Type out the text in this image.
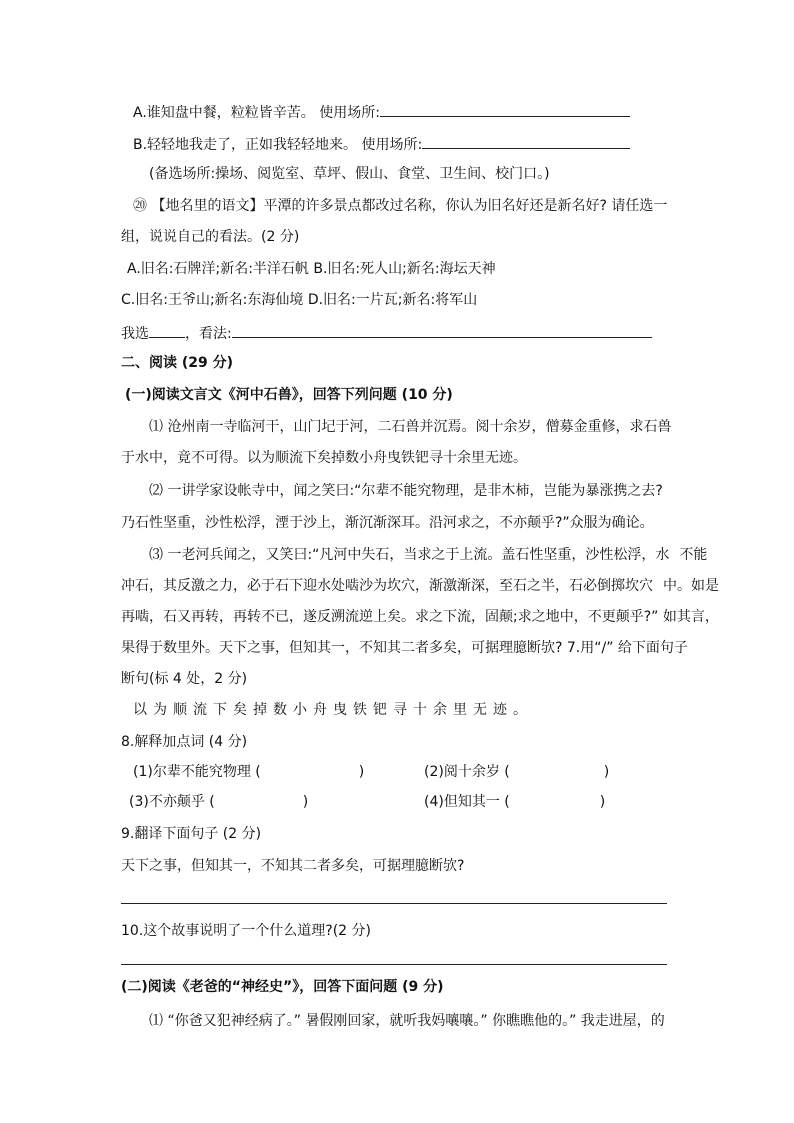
A.谁知盘中餐，粒粒皆辛苦。 使用场所:
B.轻轻地我走了，正如我轻轻地来。 使用场所:
(备选场所:操场、阅览室、草坪、假山、食堂、卫生间、校门口。)
⑳ 【地名里的语文】平潭的许多景点都改过名称，你认为旧名好还是新名好? 请任选一
组，说说自己的看法。(2 分)
A.旧名:石牌洋;新名:半洋石帆 B.旧名:死人山;新名:海坛天神
C.旧名:王爷山;新名:东海仙境 D.旧名:一片瓦;新名:将军山
我选	，看法:
二、阅读 (29 分)
(一)阅读文言文《河中石兽》，回答下列问题 (10 分)
⑴ 沧州南一寺临河干，山门圮于河，二石兽并沉焉。阅十余岁，僧募金重修，求石兽
于水中，竟不可得。以为顺流下矣掉数小舟曳铁钯寻十余里无迹。
⑵ 一讲学家设帐寺中，闻之笑曰:“尔辈不能究物理，是非木柿，岂能为暴涨携之去?
乃石性坚重，沙性松浮，湮于沙上，渐沉渐深耳。沿河求之，不亦颠乎?”众服为确论。
⑶ 一老河兵闻之，又笑曰:“凡河中失石，当求之于上流。盖石性坚重，沙性松浮，水 不能
冲石，其反激之力，必于石下迎水处啮沙为坎穴，渐激渐深，至石之半，石必倒掷坎穴 中。如是
再啮，石又再转，再转不已，遂反溯流逆上矣。求之下流，固颠;求之地中，不更颠乎?” 如其言，
果得于数里外。天下之事，但知其一，不知其二者多矣，可据理臆断欤? 7.用“/” 给下面句子
断句(标 4 处，2 分)
以为顺流下矣掉数小舟曳铁钯寻十余里无迹。
8.解释加点词 (4 分)
(1)尔辈不能究物理 (	)	(2)阅十余岁 (	)
(3)不亦颠乎 (	)	(4)但知其一 (	)
9.翻译下面句子 (2 分)
天下之事，但知其一，不知其二者多矣，可据理臆断欤?
10.这个故事说明了一个什么道理?(2 分)
(二)阅读《老爸的“神经史”》，回答下面问题 (9 分)
⑴ “你爸又犯神经病了。” 暑假刚回家，就听我妈嚷嚷。” 你瞧瞧他的。” 我走进屋，的
